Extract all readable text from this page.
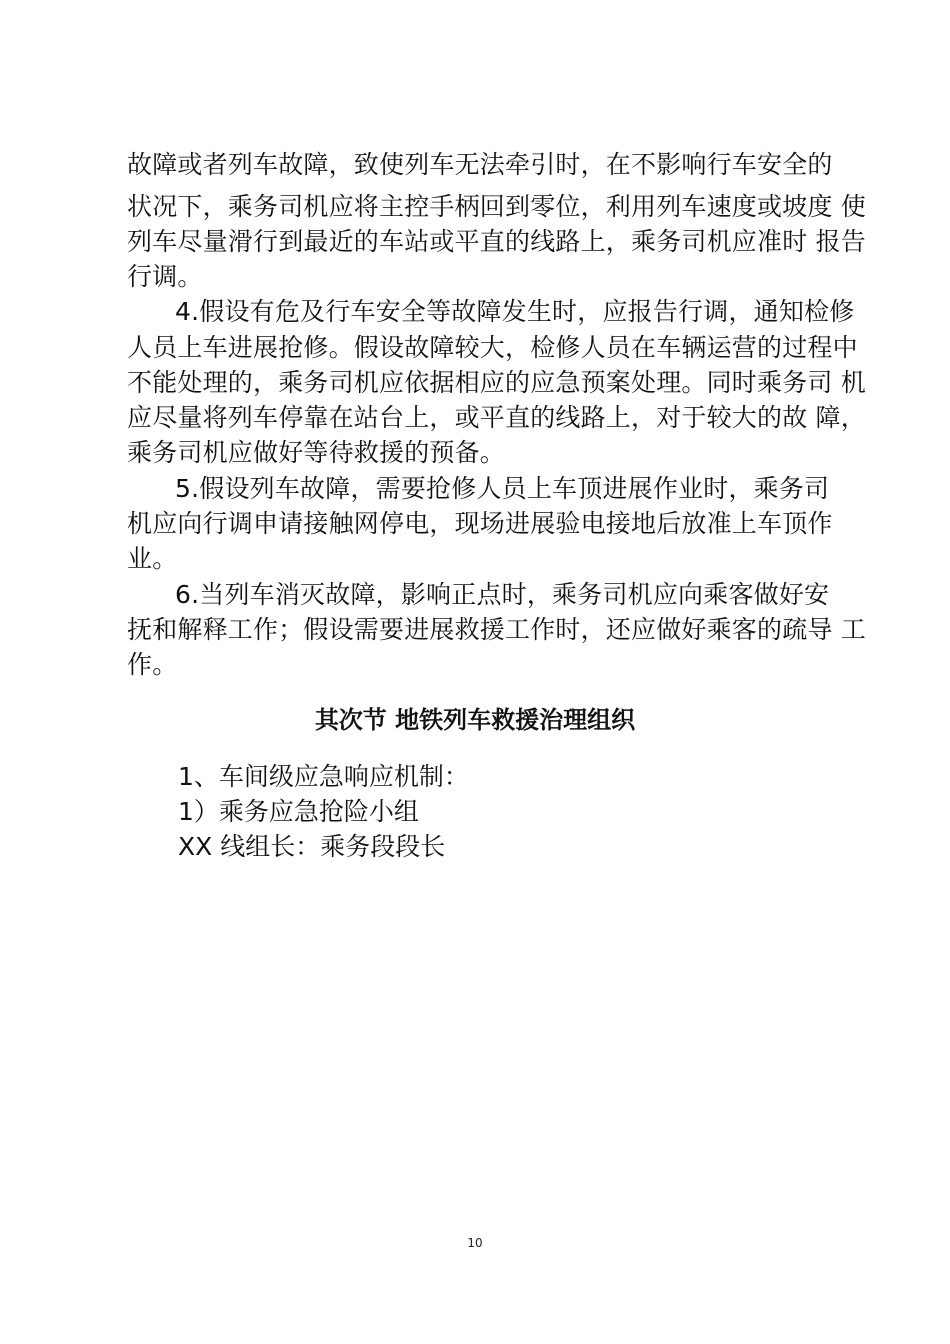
故障或者列车故障，致使列车无法牵引时，在不影响行车安全的
状况下，乘务司机应将主控手柄回到零位，利用列车速度或坡度 使
列车尽量滑行到最近的车站或平直的线路上，乘务司机应准时 报告
行调。
4.假设有危及行车安全等故障发生时，应报告行调，通知检修
人员上车进展抢修。假设故障较大，检修人员在车辆运营的过程中
不能处理的，乘务司机应依据相应的应急预案处理。同时乘务司 机
应尽量将列车停靠在站台上，或平直的线路上，对于较大的故 障，
乘务司机应做好等待救援的预备。
5.假设列车故障，需要抢修人员上车顶进展作业时，乘务司
机应向行调申请接触网停电，现场进展验电接地后放准上车顶作
业。
6.当列车消灭故障，影响正点时，乘务司机应向乘客做好安
抚和解释工作；假设需要进展救援工作时，还应做好乘客的疏导 工
作。
其次节 地铁列车救援治理组织
1、车间级应急响应机制：
1）乘务应急抢险小组
XX 线组长：乘务段段长
10
